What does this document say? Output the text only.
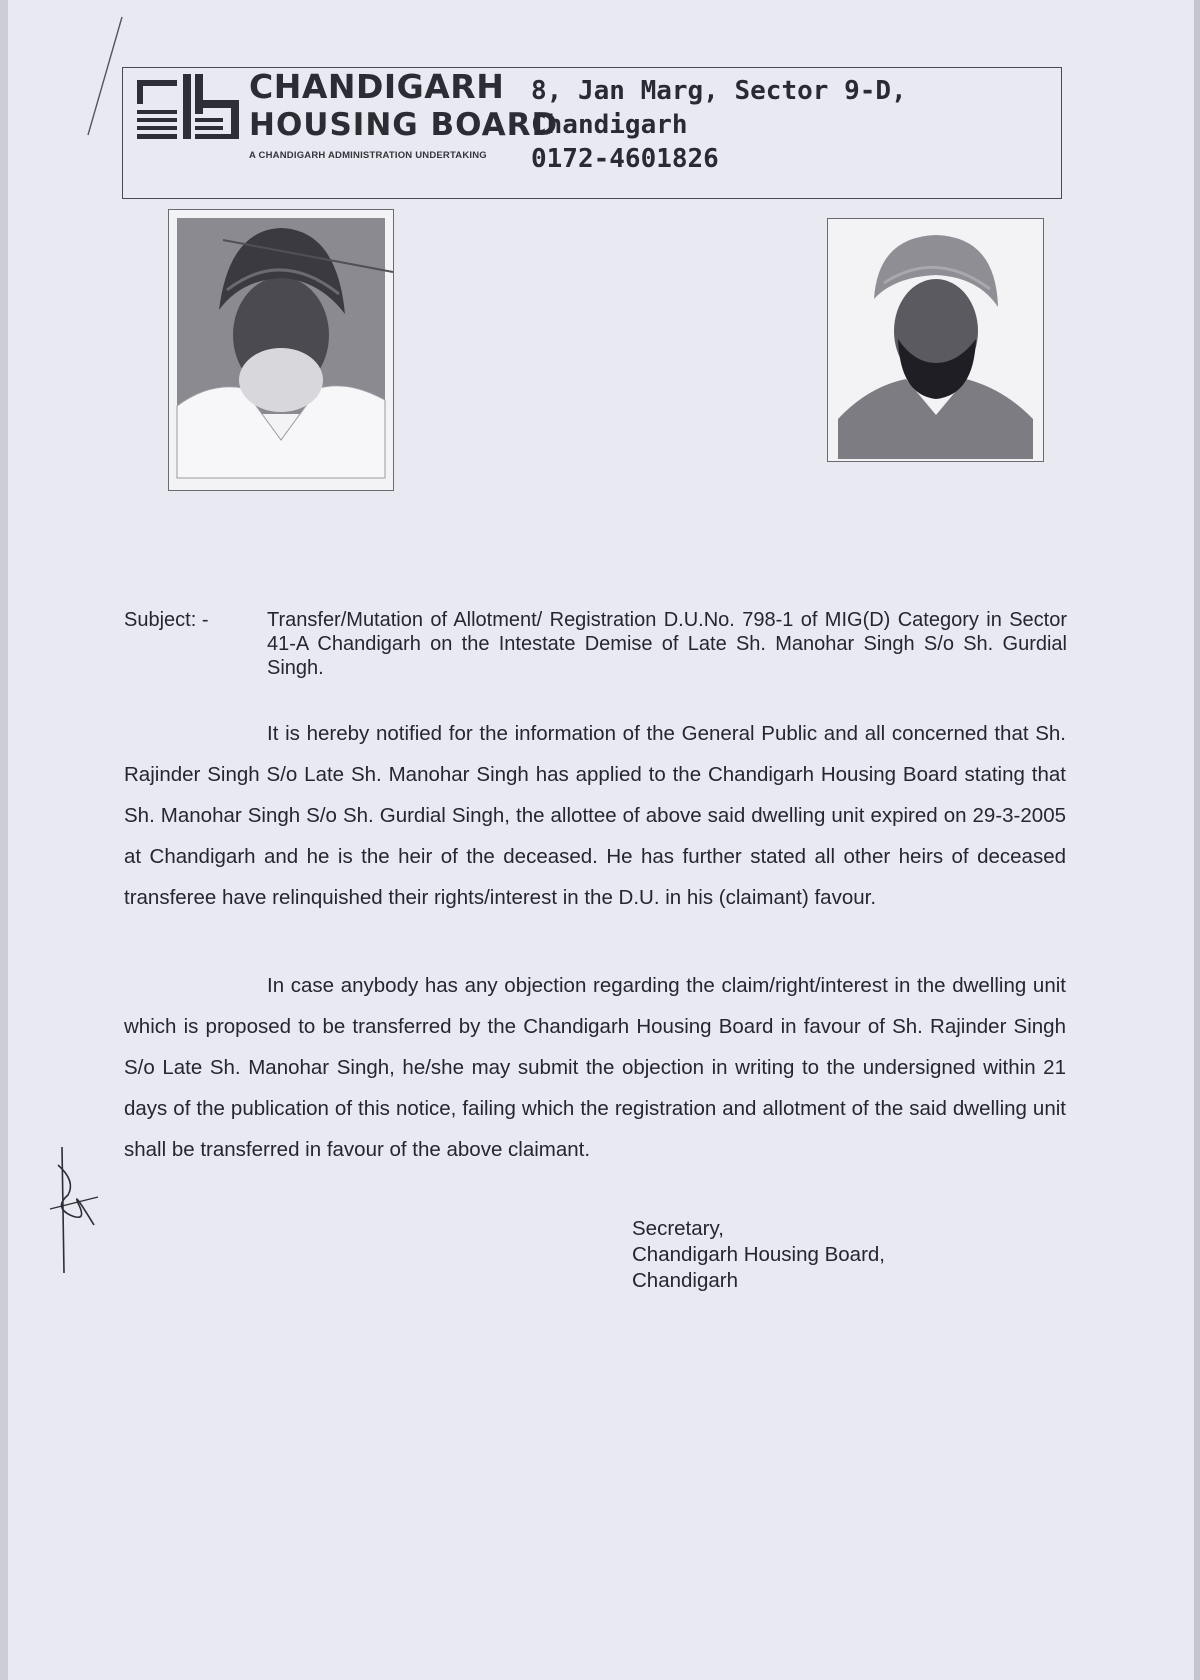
CHANDIGARH
HOUSING BOARD
A CHANDIGARH ADMINISTRATION UNDERTAKING
8, Jan Marg, Sector 9-D,
Chandigarh
0172-4601826
Subject: -	Transfer/Mutation of Allotment/ Registration D.U.No. 798-1 of MIG(D) Category in Sector 41-A Chandigarh on the Intestate Demise of Late Sh. Manohar Singh S/o Sh. Gurdial Singh.
It is hereby notified for the information of the General Public and all concerned that Sh. Rajinder Singh S/o Late Sh. Manohar Singh has applied to the Chandigarh Housing Board stating that Sh. Manohar Singh S/o Sh. Gurdial Singh, the allottee of above said dwelling unit expired on 29-3-2005 at Chandigarh and he is the heir of the deceased. He has further stated all other heirs of deceased transferee have relinquished their rights/interest in the D.U. in his (claimant) favour.
In case anybody has any objection regarding the claim/right/interest in the dwelling unit which is proposed to be transferred by the Chandigarh Housing Board in favour of Sh. Rajinder Singh S/o Late Sh. Manohar Singh, he/she may submit the objection in writing to the undersigned within 21 days of the publication of this notice, failing which the registration and allotment of the said dwelling unit shall be transferred in favour of the above claimant.
Secretary,
Chandigarh Housing Board,
Chandigarh
